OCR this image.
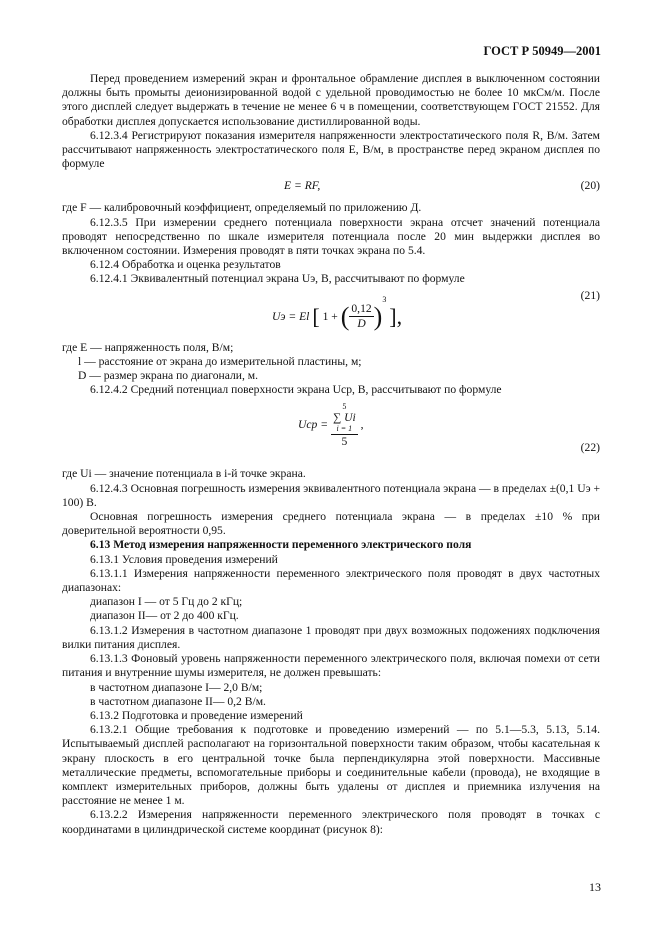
ГОСТ Р 50949—2001

Перед проведением измерений экран и фронтальное обрамление дисплея в выключенном состоянии должны быть промыты деионизированной водой с удельной проводимостью не более 10 мкСм/м. После этого дисплей следует выдержать в течение не менее 6 ч в помещении, соответствующем ГОСТ 21552. Для обработки дисплея допускается использование дистиллированной воды.

6.12.3.4 Регистрируют показания измерителя напряженности электростатического поля R, В/м. Затем рассчитывают напряженность электростатического поля E, В/м, в пространстве перед экраном дисплея по формуле

E = RF,	(20)

где F — калибровочный коэффициент, определяемый по приложению Д.

6.12.3.5 При измерении среднего потенциала поверхности экрана отсчет значений потенциала проводят непосредственно по шкале измерителя потенциала после 20 мин выдержки дисплея во включенном состоянии. Измерения проводят в пяти точках экрана по 5.4.

6.12.4 Обработка и оценка результатов

6.12.4.1 Эквивалентный потенциал экрана Uэ, В, рассчитывают по формуле

Uэ = El [ 1 + ( $\frac{0,12}{D} )^3$ ],
(21)

где E — напряженность поля, В/м;

l — расстояние от экрана до измерительной пластины, м;

D — размер экрана по диагонали, м.

6.12.4.2 Средний потенциал поверхности экрана Uср, В, рассчитывают по формуле

Uср = 5
∑ Ui
i = 1
5 ,
(22)

где Ui — значение потенциала в i-й точке экрана.

6.12.4.3 Основная погрешность измерения эквивалентного потенциала экрана — в пределах ±(0,1 Uэ + 100) В.

Основная погрешность измерения среднего потенциала экрана — в пределах ±10 % при доверительной вероятности 0,95.

6.13 Метод измерения напряженности переменного электрического поля

6.13.1 Условия проведения измерений

6.13.1.1 Измерения напряженности переменного электрического поля проводят в двух частотных диапазонах:

диапазон I — от 5 Гц до 2 кГц;

диапазон II— от 2 до 400 кГц.

6.13.1.2 Измерения в частотном диапазоне 1 проводят при двух возможных подожениях подключения вилки питания дисплея.

6.13.1.3 Фоновый уровень напряженности переменного электрического поля, включая помехи от сети питания и внутренние шумы измерителя, не должен превышать:

в частотном диапазоне I— 2,0 В/м;

в частотном диапазоне II— 0,2 В/м.

6.13.2 Подготовка и проведение измерений

6.13.2.1 Общие требования к подготовке и проведению измерений — по 5.1—5.3, 5.13, 5.14. Испытываемый дисплей располагают на горизонтальной поверхности таким образом, чтобы касательная к экрану плоскость в его центральной точке была перпендикулярна этой поверхности. Массивные металлические предметы, вспомогательные приборы и соединительные кабели (провода), не входящие в комплект измерительных приборов, должны быть удалены от дисплея и приемника излучения на расстояние не менее 1 м.

6.13.2.2 Измерения напряженности переменного электрического поля проводят в точках с координатами в цилиндрической системе координат (рисунок 8):

13
